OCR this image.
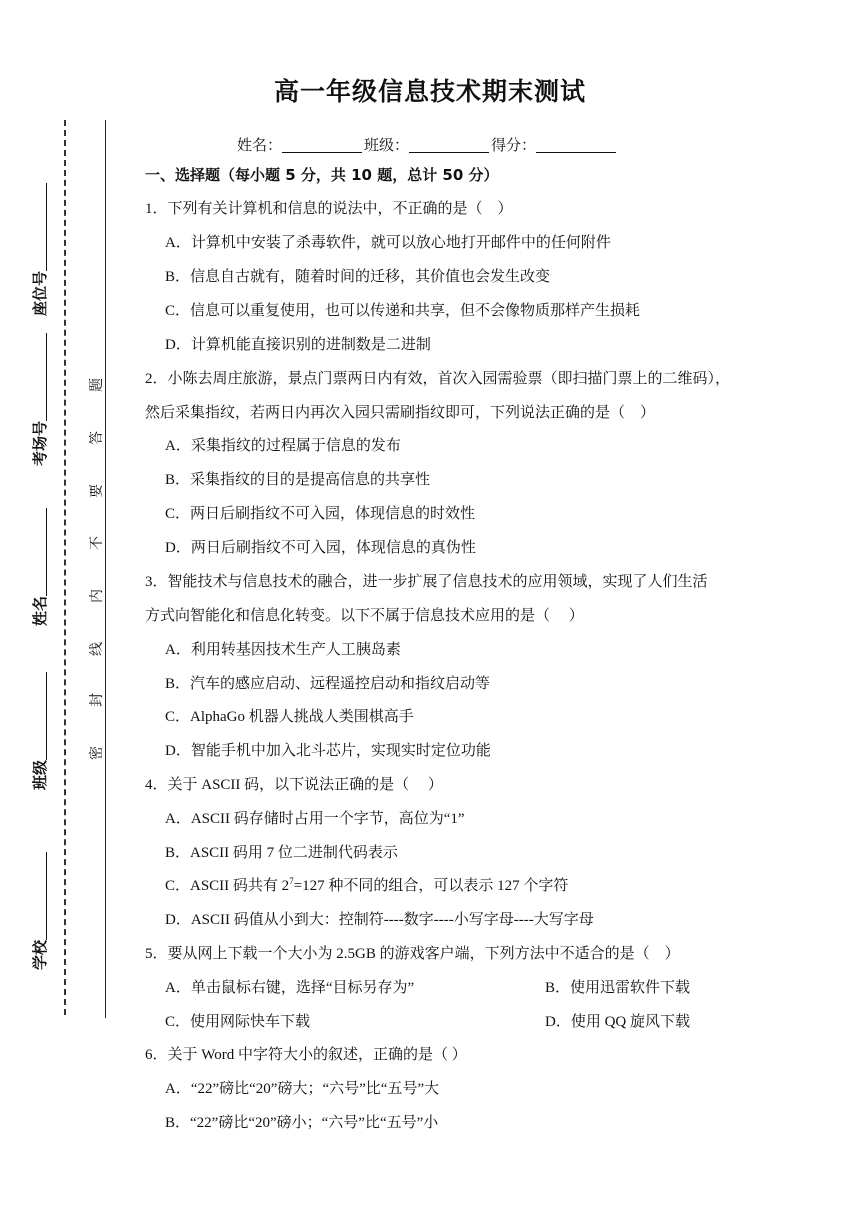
高一年级信息技术期末测试
姓名：	班级：	得分：
一、选择题（每小题 5 分，共 10 题，总计 50 分）
座位号
考场号
姓名
班级
学校
密
封
线
内
不
要
答
题
1．下列有关计算机和信息的说法中，不正确的是（　）
A．计算机中安装了杀毒软件，就可以放心地打开邮件中的任何附件
B．信息自古就有，随着时间的迁移，其价值也会发生改变
C．信息可以重复使用，也可以传递和共享，但不会像物质那样产生损耗
D．计算机能直接识别的进制数是二进制
2．小陈去周庄旅游，景点门票两日内有效，首次入园需验票（即扫描门票上的二维码），
然后采集指纹，若两日内再次入园只需刷指纹即可，下列说法正确的是（　）
A．采集指纹的过程属于信息的发布
B．采集指纹的目的是提高信息的共享性
C．两日后刷指纹不可入园，体现信息的时效性
D．两日后刷指纹不可入园，体现信息的真伪性
3．智能技术与信息技术的融合，进一步扩展了信息技术的应用领域，实现了人们生活
方式向智能化和信息化转变。以下不属于信息技术应用的是（　 ）
A．利用转基因技术生产人工胰岛素
B．汽车的感应启动、远程遥控启动和指纹启动等
C．AlphaGo 机器人挑战人类围棋高手
D．智能手机中加入北斗芯片，实现实时定位功能
4．关于 ASCII 码，以下说法正确的是（　 ）
A．ASCII 码存储时占用一个字节，高位为“1”
B．ASCII 码用 7 位二进制代码表示
C．ASCII 码共有 $2^7=127$ 种不同的组合，可以表示 127 个字符
D．ASCII 码值从小到大：控制符----数字----小写字母----大写字母
5．要从网上下载一个大小为 2.5GB 的游戏客户端，下列方法中不适合的是（　）
A．单击鼠标右键，选择“目标另存为”	B．使用迅雷软件下载
C．使用网际快车下载	D．使用 QQ 旋风下载
6．关于 Word 中字符大小的叙述，正确的是（ ）
A．“22”磅比“20”磅大；“六号”比“五号”大
B．“22”磅比“20”磅小；“六号”比“五号”小
